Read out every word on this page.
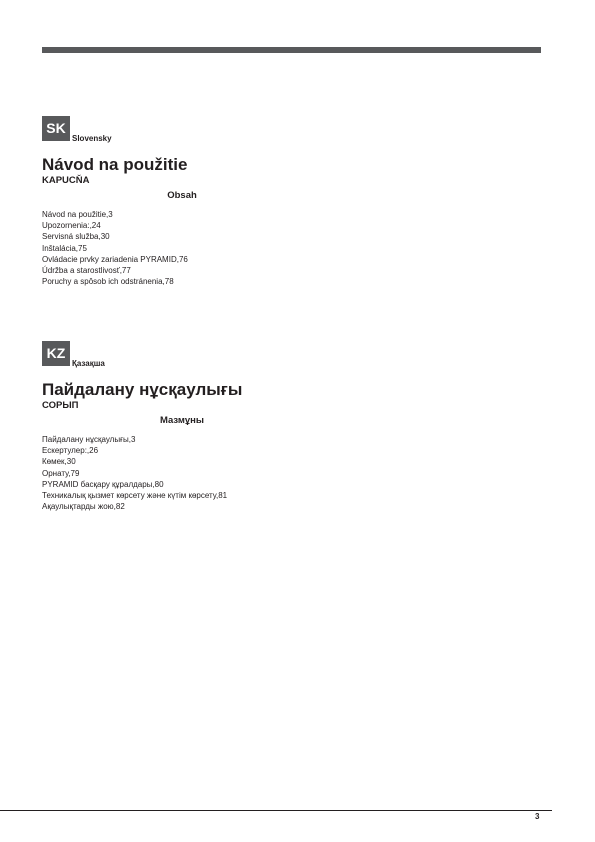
SK
Slovensky
Návod na použitie
KAPUCŇA
Obsah
Návod na použitie,3
Upozornenia:,24
Servisná služba,30
Inštalácia,75
Ovládacie prvky zariadenia PYRAMID,76
Údržba a starostlivosť,77
Poruchy a spôsob ich odstránenia,78
KZ
Қазақша
Пайдалану нұсқаулығы
СОРЫП
Мазмұны
Пайдалану нұсқаулығы,3
Ескертулер:,26
Көмек,30
Орнату,79
PYRAMID басқару құралдары,80
Техникалық қызмет көрсету және күтім көрсету,81
Ақаулықтарды жою,82
3
